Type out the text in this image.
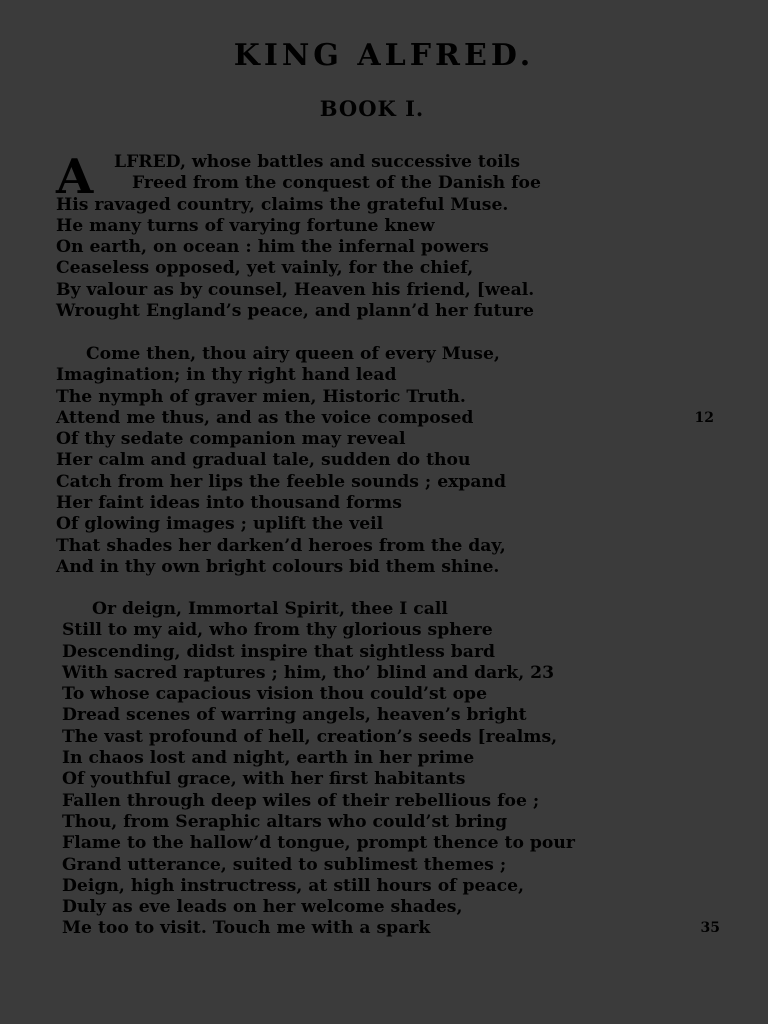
KING ALFRED.
BOOK I.
A	LFRED, whose battles and successive toils
Freed from the conquest of the Danish foe
His ravaged country, claims the grateful Muse.
He many turns of varying fortune knew
On earth, on ocean : him the infernal powers
Ceaseless opposed, yet vainly, for the chief,
By valour as by counsel, Heaven his friend, [weal.
Wrought England’s peace, and plann’d her future
Come then, thou airy queen of every Muse,
Imagination; in thy right hand lead
The nymph of graver mien, Historic Truth.
Attend me thus, and as the voice composed	12
Of thy sedate companion may reveal
Her calm and gradual tale, sudden do thou
Catch from her lips the feeble sounds ; expand
Her faint ideas into thousand forms
Of glowing images ; uplift the veil
That shades her darken’d heroes from the day,
And in thy own bright colours bid them shine.
Or deign, Immortal Spirit, thee I call
Still to my aid, who from thy glorious sphere
Descending, didst inspire that sightless bard
With sacred raptures ; him, tho’ blind and dark, 23
To whose capacious vision thou could’st ope
Dread scenes of warring angels, heaven’s bright
The vast profound of hell, creation’s seeds [realms,
In chaos lost and night, earth in her prime
Of youthful grace, with her first habitants
Fallen through deep wiles of their rebellious foe ;
Thou, from Seraphic altars who could’st bring
Flame to the hallow’d tongue, prompt thence to pour
Grand utterance, suited to sublimest themes ;
Deign, high instructress, at still hours of peace,
Duly as eve leads on her welcome shades,
Me too to visit. Touch me with a spark	35
